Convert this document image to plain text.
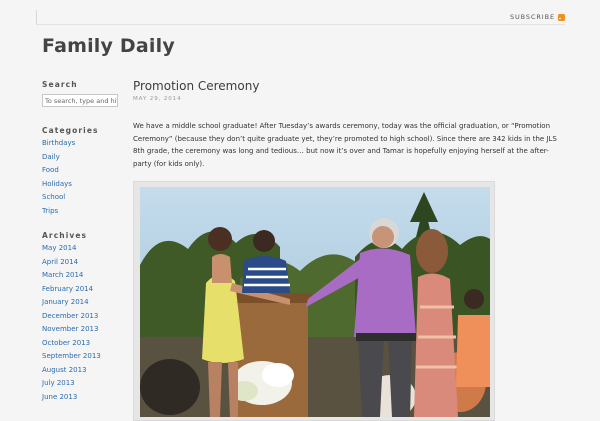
SUBSCRIBE
Family Daily
Search
To search, type and hit enter
Categories
Birthdays
Daily
Food
Holidays
School
Trips
Archives
May 2014
April 2014
March 2014
February 2014
January 2014
December 2013
November 2013
October 2013
September 2013
August 2013
July 2013
June 2013
Promotion Ceremony
MAY 29, 2014

We have a middle school graduate! After Tuesday’s awards ceremony, today was the official graduation, or “Promotion Ceremony” (because they don’t quite graduate yet, they’re promoted to high school). Since there are 342 kids in the JLS 8th grade, the ceremony was long and tedious… but now it’s over and Tamar is hopefully enjoying herself at the after-party (for kids only).
